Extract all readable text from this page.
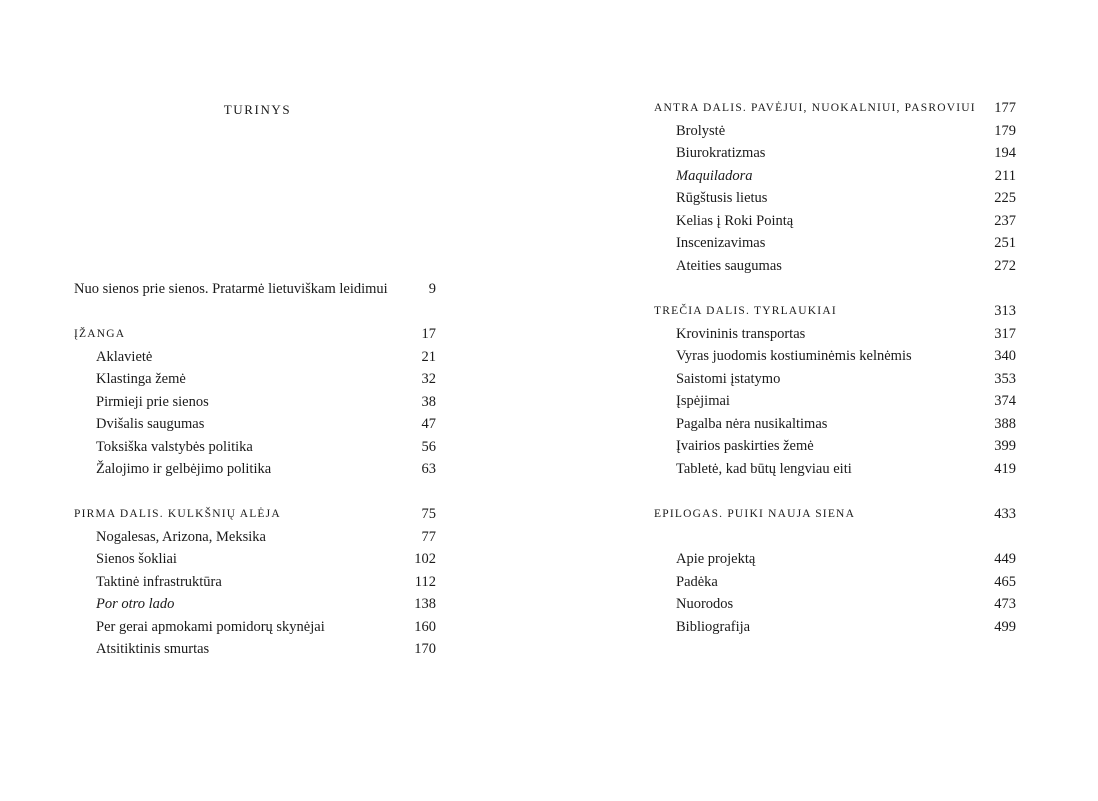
TURINYS
Nuo sienos prie sienos. Pratarmė lietuviškam leidimui	9
ĮŽANGA	17
Aklavietė	21
Klastinga žemė	32
Pirmieji prie sienos	38
Dvišalis saugumas	47
Toksiška valstybės politika	56
Žalojimo ir gelbėjimo politika	63
PIRMA DALIS. KULKŠNIŲ ALĖJA	75
Nogalesas, Arizona, Meksika	77
Sienos šokliai	102
Taktinė infrastruktūra	112
Por otro lado	138
Per gerai apmokami pomidorų skynėjai	160
Atsitiktinis smurtas	170
ANTRA DALIS. PAVĖJUI, NUOKALNIUI, PASROVIUI 177
Brolystė	179
Biurokratizmas	194
Maquiladora	211
Rūgštusis lietus	225
Kelias į Roki Pointą	237
Inscenizavimas	251
Ateities saugumas	272
TREČIA DALIS. TYRLAUKIAI	313
Krovininis transportas	317
Vyras juodomis kostiuminėmis kelnėmis	340
Saistomi įstatymo	353
Įspėjimai	374
Pagalba nėra nusikaltimas	388
Įvairios paskirties žemė	399
Tabletė, kad būtų lengviau eiti	419
EPILOGAS. PUIKI NAUJA SIENA	433
Apie projektą	449
Padėka	465
Nuorodos	473
Bibliografija	499
